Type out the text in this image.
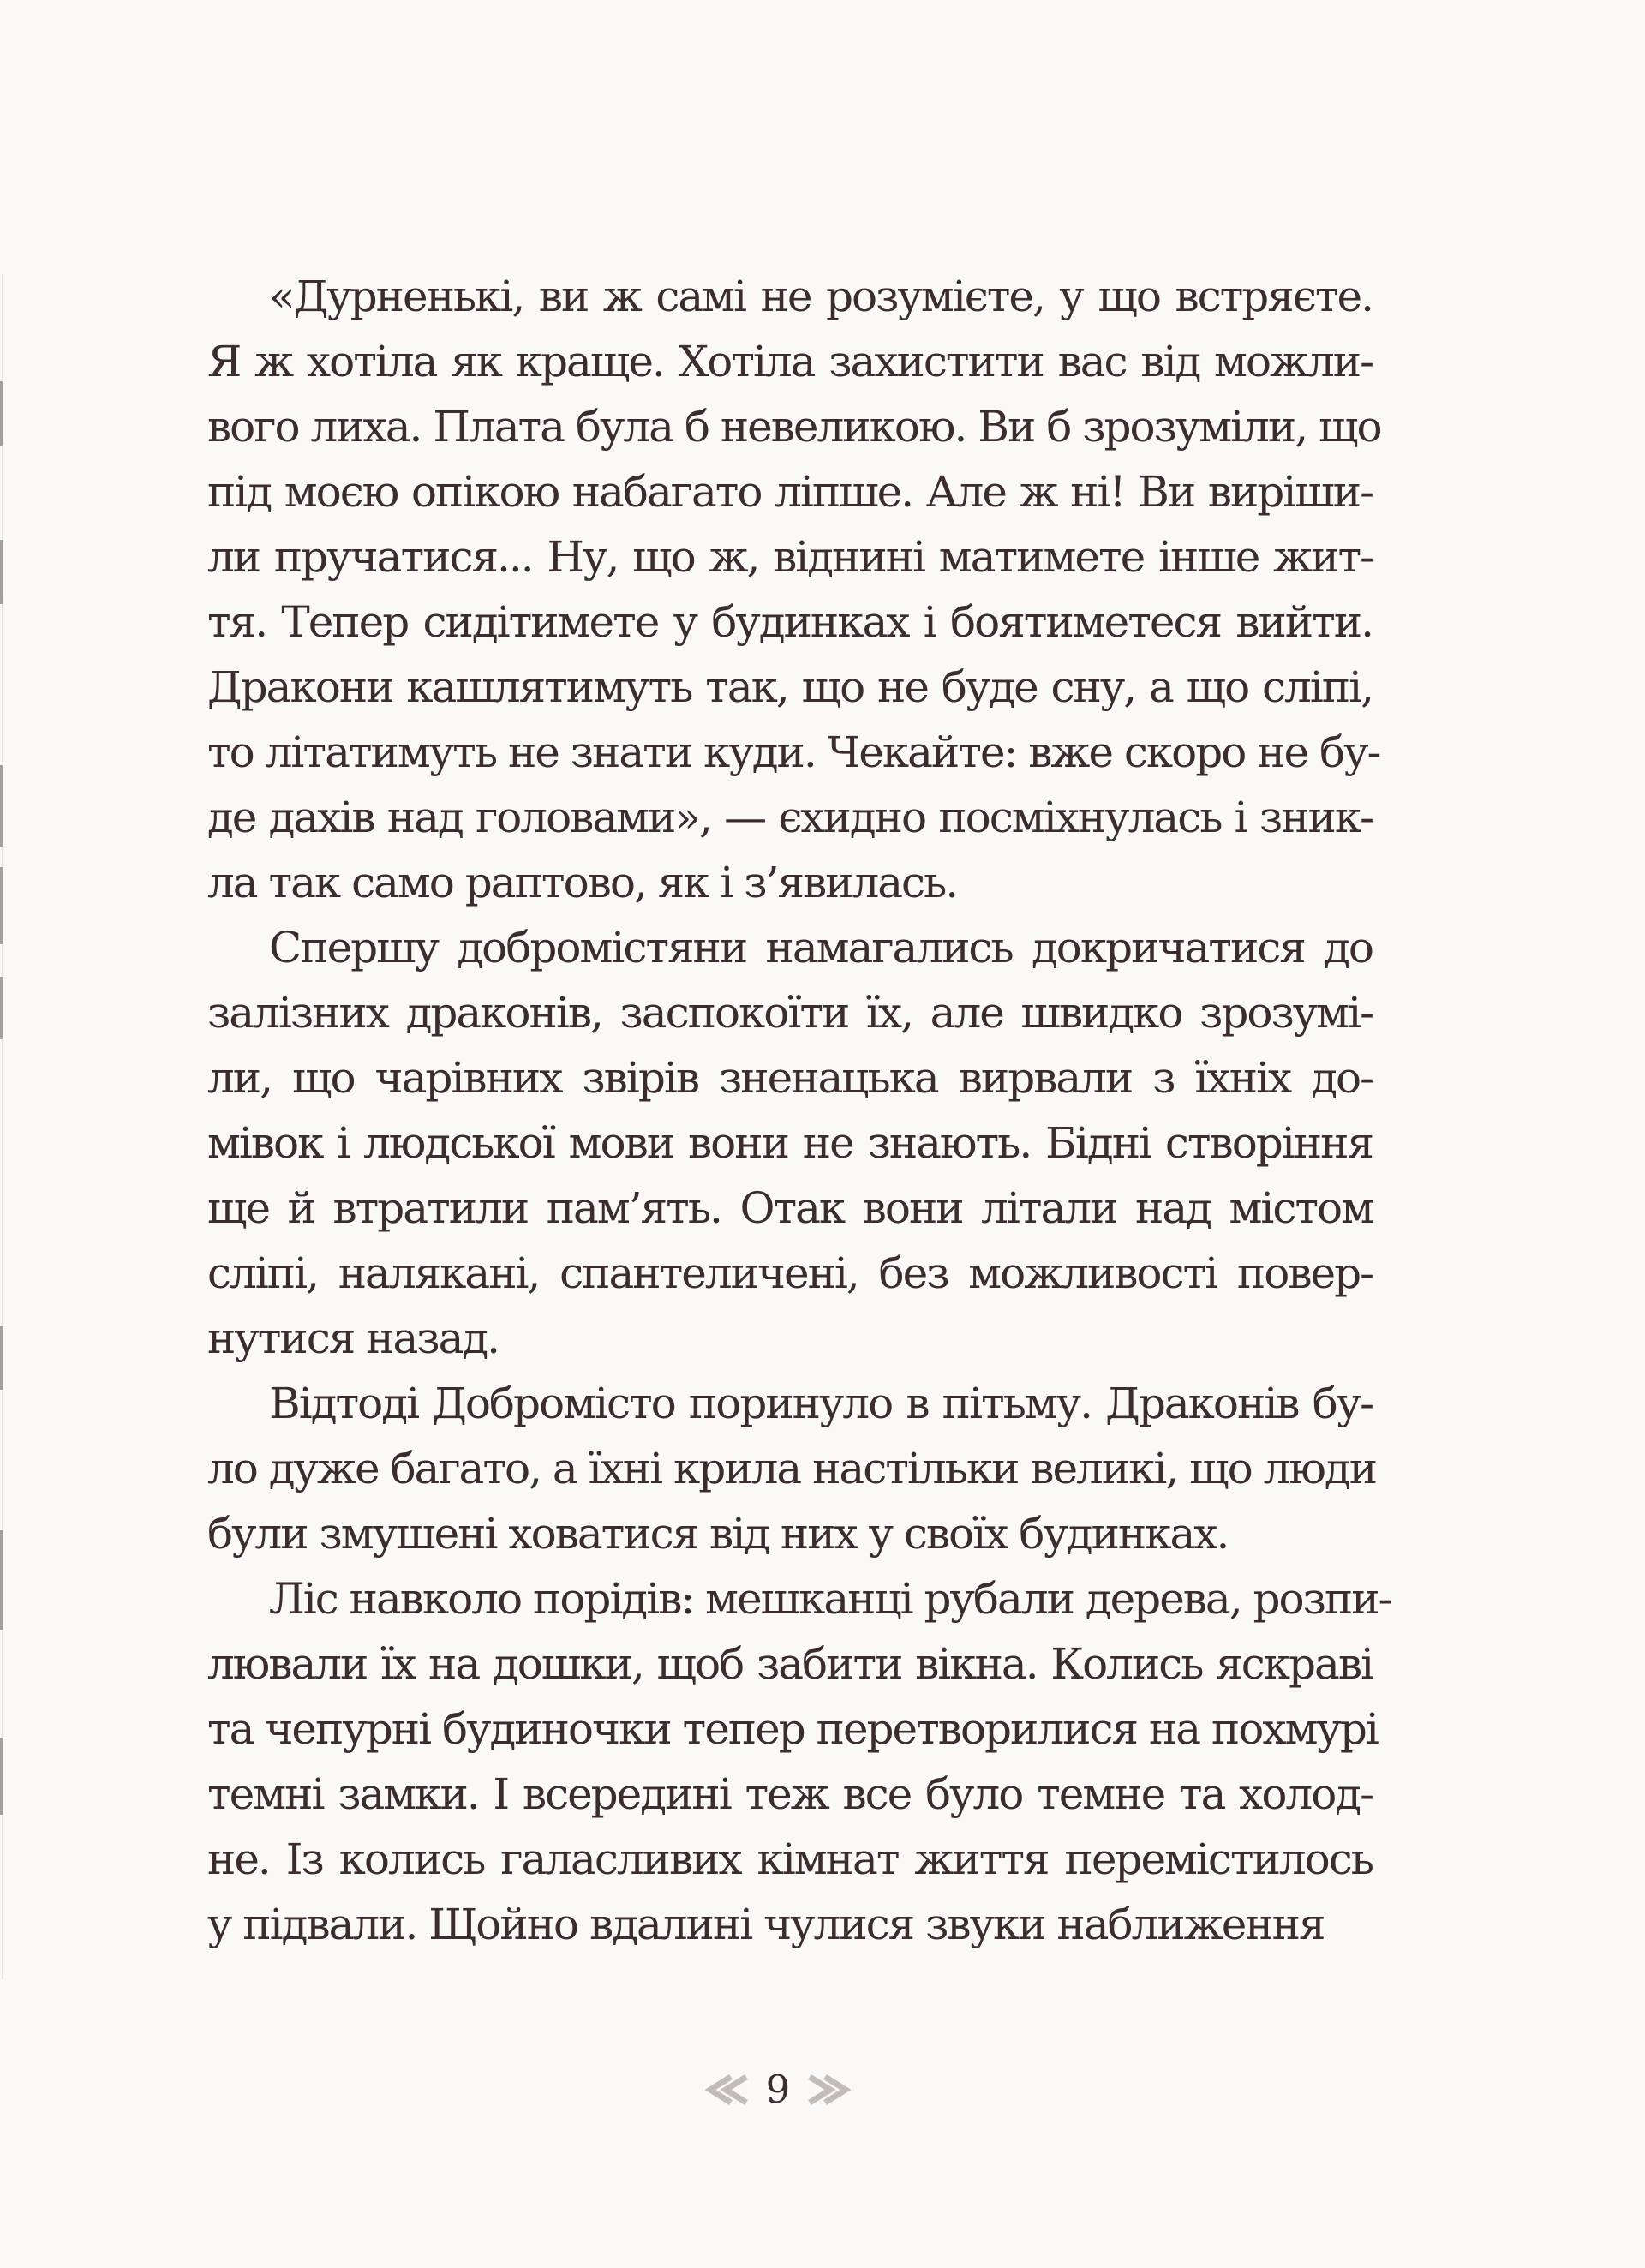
«Дурненькі, ви ж самі не розумієте, у що встряєте.
Я ж хотіла як краще. Хотіла захистити вас від можли-
вого лиха. Плата була б невеликою. Ви б зрозуміли, що
під моєю опікою набагато ліпше. Але ж ні! Ви виріши-
ли пручатися... Ну, що ж, віднині матимете інше жит-
тя. Тепер сидітимете у будинках і боятиметеся вийти.
Дракони кашлятимуть так, що не буде сну, а що сліпі,
то літатимуть не знати куди. Чекайте: вже скоро не бу-
де дахів над головами», — єхидно посміхнулась і зник-
ла так само раптово, як і з’явилась.
Спершу добромістяни намагались докричатися до
залізних драконів, заспокоїти їх, але швидко зрозумі-
ли, що чарівних звірів зненацька вирвали з їхніх до-
мівок і людської мови вони не знають. Бідні створіння
ще й втратили пам’ять. Отак вони літали над містом
сліпі, налякані, спантеличені, без можливості повер-
нутися назад.
Відтоді Добромісто поринуло в пітьму. Драконів бу-
ло дуже багато, а їхні крила настільки великі, що люди
були змушені ховатися від них у своїх будинках.
Ліс навколо порідів: мешканці рубали дерева, розпи-
лювали їх на дошки, щоб забити вікна. Колись яскраві
та чепурні будиночки тепер перетворилися на похмурі
темні замки. І всередині теж все було темне та холод-
не. Із колись галасливих кімнат життя перемістилось
у підвали. Щойно вдалині чулися звуки наближення
9
